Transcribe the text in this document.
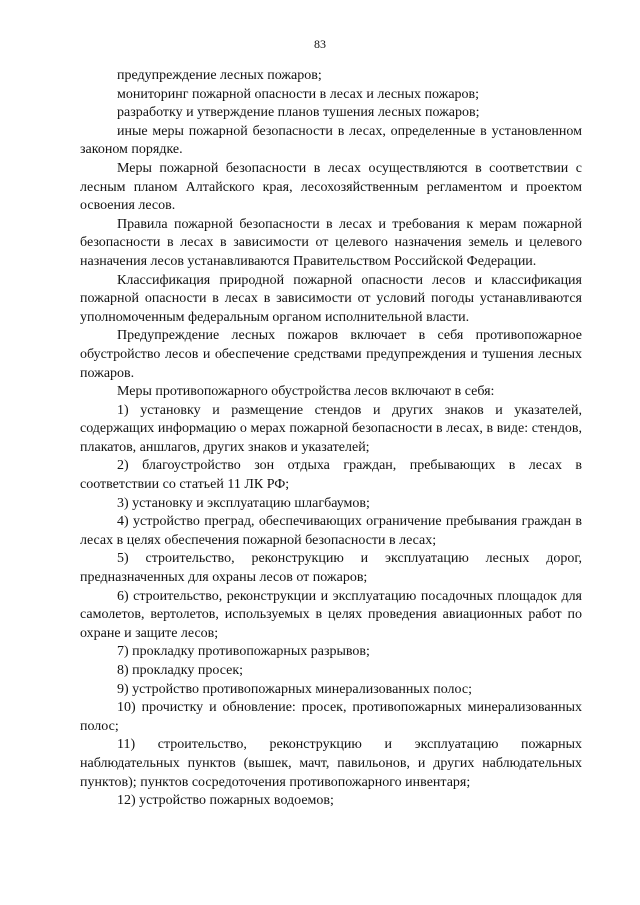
83

предупреждение лесных пожаров;

мониторинг пожарной опасности в лесах и лесных пожаров;

разработку и утверждение планов тушения лесных пожаров;

иные меры пожарной безопасности в лесах, определенные в установленном законом порядке.

Меры пожарной безопасности в лесах осуществляются в соответствии с лесным планом Алтайского края, лесохозяйственным регламентом и проектом освоения лесов.

Правила пожарной безопасности в лесах и требования к мерам пожарной безопасности в лесах в зависимости от целевого назначения земель и целевого назначения лесов устанавливаются Правительством Российской Федерации.

Классификация природной пожарной опасности лесов и классификация пожарной опасности в лесах в зависимости от условий погоды устанавливаются уполномоченным федеральным органом исполнительной власти.

Предупреждение лесных пожаров включает в себя противопожарное обустройство лесов и обеспечение средствами предупреждения и тушения лесных пожаров.

Меры противопожарного обустройства лесов включают в себя:

1) установку и размещение стендов и других знаков и указателей, содержащих информацию о мерах пожарной безопасности в лесах, в виде: стендов, плакатов, аншлагов, других знаков и указателей;

2) благоустройство зон отдыха граждан, пребывающих в лесах в соответствии со статьей 11 ЛК РФ;

3) установку и эксплуатацию шлагбаумов;

4) устройство преград, обеспечивающих ограничение пребывания граждан в лесах в целях обеспечения пожарной безопасности в лесах;

5) строительство, реконструкцию и эксплуатацию лесных дорог, предназначенных для охраны лесов от пожаров;

6) строительство, реконструкции и эксплуатацию посадочных площадок для самолетов, вертолетов, используемых в целях проведения авиационных работ по охране и защите лесов;

7) прокладку противопожарных разрывов;

8) прокладку просек;

9) устройство противопожарных минерализованных полос;

10) прочистку и обновление: просек, противопожарных минерализованных полос;

11) строительство, реконструкцию и эксплуатацию пожарных наблюдательных пунктов (вышек, мачт, павильонов, и других наблюдательных пунктов); пунктов сосредоточения противопожарного инвентаря;

12) устройство пожарных водоемов;
